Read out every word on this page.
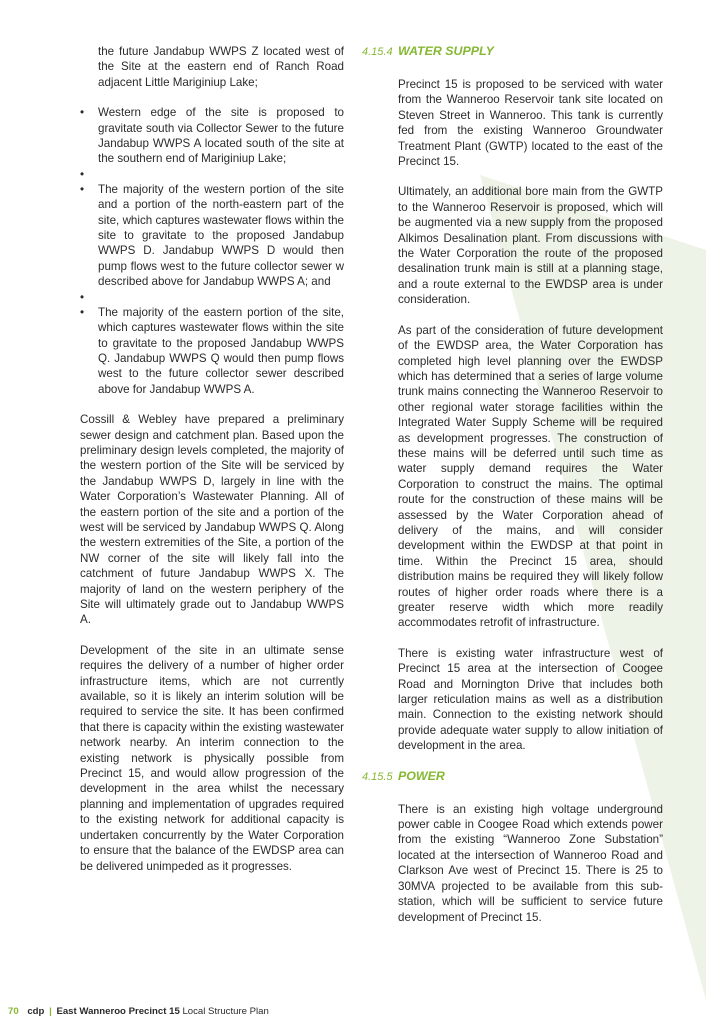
the future Jandabup WWPS Z located west of the Site at the eastern end of Ranch Road adjacent Little Mariginiup Lake;

• Western edge of the site is proposed to gravitate south via Collector Sewer to the future Jandabup WWPS A located south of the site at the southern end of Mariginiup Lake;
•
• The majority of the western portion of the site and a portion of the north-eastern part of the site, which captures wastewater flows within the site to gravitate to the proposed Jandabup WWPS D. Jandabup WWPS D would then pump flows west to the future collector sewer w described above for Jandabup WWPS A; and
•
• The majority of the eastern portion of the site, which captures wastewater flows within the site to gravitate to the proposed Jandabup WWPS Q. Jandabup WWPS Q would then pump flows west to the future collector sewer described above for Jandabup WWPS A.

Cossill & Webley have prepared a preliminary sewer design and catchment plan. Based upon the preliminary design levels completed, the majority of the western portion of the Site will be serviced by the Jandabup WWPS D, largely in line with the Water Corporation’s Wastewater Planning. All of the eastern portion of the site and a portion of the west will be serviced by Jandabup WWPS Q. Along the western extremities of the Site, a portion of the NW corner of the site will likely fall into the catchment of future Jandabup WWPS X. The majority of land on the western periphery of the Site will ultimately grade out to Jandabup WWPS A.

Development of the site in an ultimate sense requires the delivery of a number of higher order infrastructure items, which are not currently available, so it is likely an interim solution will be required to service the site. It has been confirmed that there is capacity within the existing wastewater network nearby. An interim connection to the existing network is physically possible from Precinct 15, and would allow progression of the development in the area whilst the necessary planning and implementation of upgrades required to the existing network for additional capacity is undertaken concurrently by the Water Corporation to ensure that the balance of the EWDSP area can be delivered unimpeded as it progresses.

4.15.4 WATER SUPPLY

Precinct 15 is proposed to be serviced with water from the Wanneroo Reservoir tank site located on Steven Street in Wanneroo. This tank is currently fed from the existing Wanneroo Groundwater Treatment Plant (GWTP) located to the east of the Precinct 15.

Ultimately, an additional bore main from the GWTP to the Wanneroo Reservoir is proposed, which will be augmented via a new supply from the proposed Alkimos Desalination plant. From discussions with the Water Corporation the route of the proposed desalination trunk main is still at a planning stage, and a route external to the EWDSP area is under consideration.

As part of the consideration of future development of the EWDSP area, the Water Corporation has completed high level planning over the EWDSP which has determined that a series of large volume trunk mains connecting the Wanneroo Reservoir to other regional water storage facilities within the Integrated Water Supply Scheme will be required as development progresses. The construction of these mains will be deferred until such time as water supply demand requires the Water Corporation to construct the mains. The optimal route for the construction of these mains will be assessed by the Water Corporation ahead of delivery of the mains, and will consider development within the EWDSP at that point in time. Within the Precinct 15 area, should distribution mains be required they will likely follow routes of higher order roads where there is a greater reserve width which more readily accommodates retrofit of infrastructure.

There is existing water infrastructure west of Precinct 15 area at the intersection of Coogee Road and Mornington Drive that includes both larger reticulation mains as well as a distribution main. Connection to the existing network should provide adequate water supply to allow initiation of development in the area.

4.15.5 POWER

There is an existing high voltage underground power cable in Coogee Road which extends power from the existing “Wanneroo Zone Substation” located at the intersection of Wanneroo Road and Clarkson Ave west of Precinct 15. There is 25 to 30MVA projected to be available from this sub-station, which will be sufficient to service future development of Precinct 15.

70 cdp | East Wanneroo Precinct 15 Local Structure Plan
